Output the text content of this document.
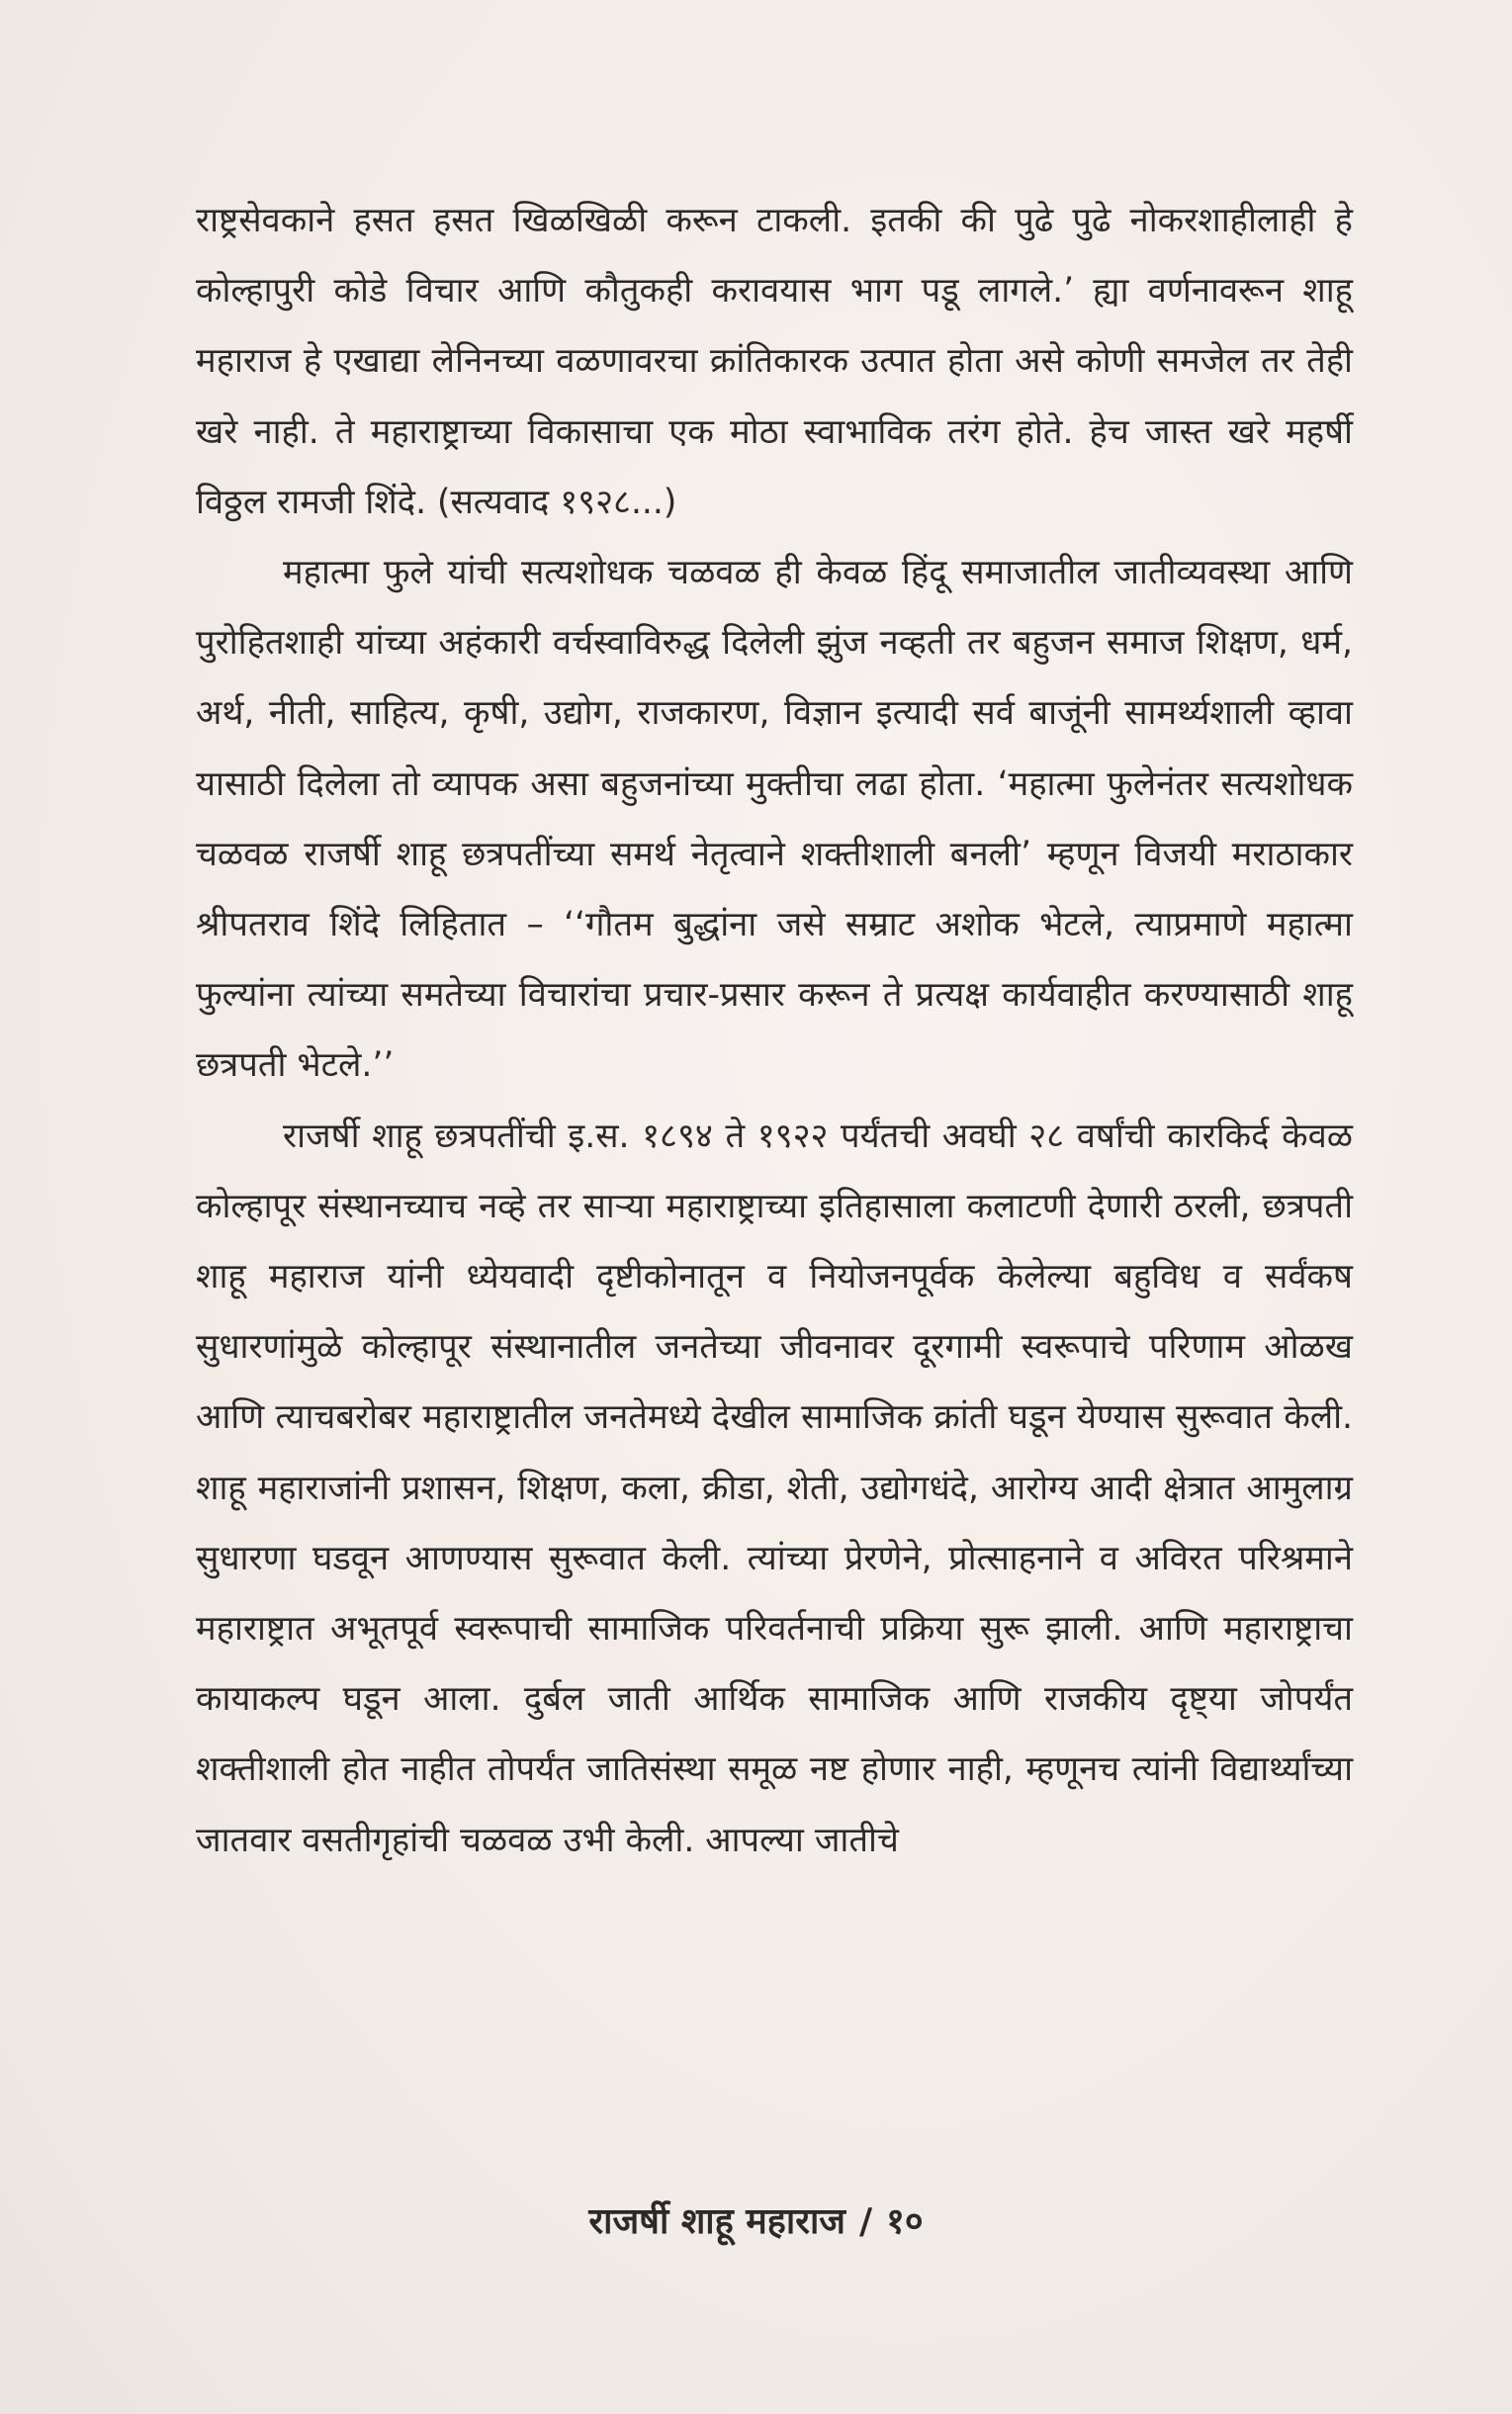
राष्ट्रसेवकाने हसत हसत खिळखिळी करून टाकली. इतकी की पुढे पुढे नोकरशाहीलाही हे कोल्हापुरी कोडे विचार आणि कौतुकही करावयास भाग पडू लागले.’ ह्या वर्णनावरून शाहू महाराज हे एखाद्या लेनिनच्या वळणावरचा क्रांतिकारक उत्पात होता असे कोणी समजेल तर तेही खरे नाही. ते महाराष्ट्राच्या विकासाचा एक मोठा स्वाभाविक तरंग होते. हेच जास्त खरे महर्षी विठ्ठल रामजी शिंदे. (सत्यवाद १९२८...)

महात्मा फुले यांची सत्यशोधक चळवळ ही केवळ हिंदू समाजातील जातीव्यवस्था आणि पुरोहितशाही यांच्या अहंकारी वर्चस्वाविरुद्ध दिलेली झुंज नव्हती तर बहुजन समाज शिक्षण, धर्म, अर्थ, नीती, साहित्य, कृषी, उद्योग, राजकारण, विज्ञान इत्यादी सर्व बाजूंनी सामर्थ्यशाली व्हावा यासाठी दिलेला तो व्यापक असा बहुजनांच्या मुक्तीचा लढा होता. ‘महात्मा फुलेनंतर सत्यशोधक चळवळ राजर्षी शाहू छत्रपतींच्या समर्थ नेतृत्वाने शक्तीशाली बनली’ म्हणून विजयी मराठाकार श्रीपतराव शिंदे लिहितात – ‘‘गौतम बुद्धांना जसे सम्राट अशोक भेटले, त्याप्रमाणे महात्मा फुल्यांना त्यांच्या समतेच्या विचारांचा प्रचार-प्रसार करून ते प्रत्यक्ष कार्यवाहीत करण्यासाठी शाहू छत्रपती भेटले.’’

राजर्षी शाहू छत्रपतींची इ.स. १८९४ ते १९२२ पर्यंतची अवघी २८ वर्षांची कारकिर्द केवळ कोल्हापूर संस्थानच्याच नव्हे तर साऱ्या महाराष्ट्राच्या इतिहासाला कलाटणी देणारी ठरली, छत्रपती शाहू महाराज यांनी ध्येयवादी दृष्टीकोनातून व नियोजनपूर्वक केलेल्या बहुविध व सर्वंकष सुधारणांमुळे कोल्हापूर संस्थानातील जनतेच्या जीवनावर दूरगामी स्वरूपाचे परिणाम ओळख आणि त्याचबरोबर महाराष्ट्रातील जनतेमध्ये देखील सामाजिक क्रांती घडून येण्यास सुरूवात केली. शाहू महाराजांनी प्रशासन, शिक्षण, कला, क्रीडा, शेती, उद्योगधंदे, आरोग्य आदी क्षेत्रात आमुलाग्र सुधारणा घडवून आणण्यास सुरूवात केली. त्यांच्या प्रेरणेने, प्रोत्साहनाने व अविरत परिश्रमाने महाराष्ट्रात अभूतपूर्व स्वरूपाची सामाजिक परिवर्तनाची प्रक्रिया सुरू झाली. आणि महाराष्ट्राचा कायाकल्प घडून आला. दुर्बल जाती आर्थिक सामाजिक आणि राजकीय दृष्ट्या जोपर्यंत शक्तीशाली होत नाहीत तोपर्यंत जातिसंस्था समूळ नष्ट होणार नाही, म्हणूनच त्यांनी विद्यार्थ्यांच्या जातवार वसतीगृहांची चळवळ उभी केली. आपल्या जातीचे

राजर्षी शाहू महाराज / १०
